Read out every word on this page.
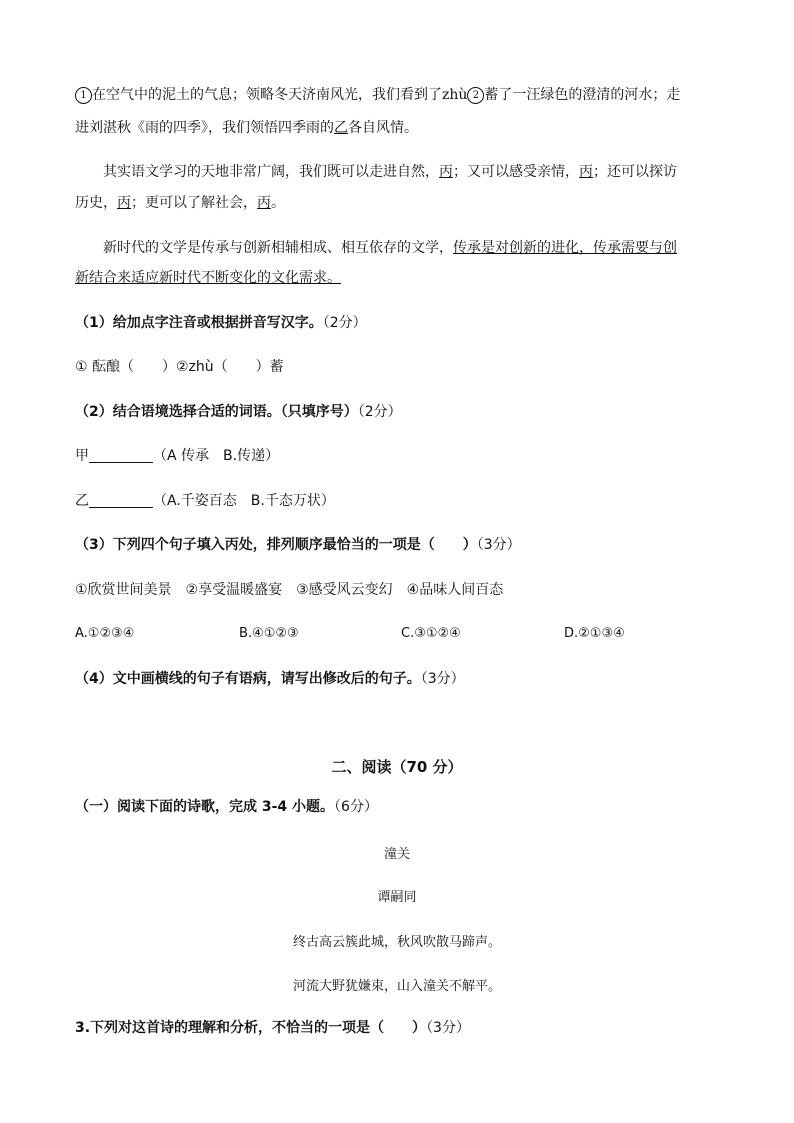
1 在空气中的泥土的气息；领略冬天济南风光，我们看到了zhù 2 蓄了一汪绿色的澄清的河水；走
进刘湛秋《雨的四季》，我们领悟四季雨的乙各自风情。
其实语文学习的天地非常广阔，我们既可以走进自然，丙；又可以感受亲情，丙；还可以探访
历史，丙；更可以了解社会，丙。
新时代的文学是传承与创新相辅相成、相互依存的文学，传承是对创新的进化，传承需要与创
新结合来适应新时代不断变化的文化需求。
（1）给加点字注音或根据拼音写汉字。（2分）
① 酝酿（　　）②zhù（　　）蓄
（2）结合语境选择合适的词语。（只填序号）（2分）
甲	（A 传承　B.传递）
乙	（A.千姿百态　B.千态万状）
（3）下列四个句子填入丙处，排列顺序最恰当的一项是（　　）（3分）
①欣赏世间美景　②享受温暖盛宴　③感受风云变幻　④品味人间百态
A.①②③④	B.④①②③	C.③①②④	D.②①③④
（4）文中画横线的句子有语病，请写出修改后的句子。（3分）
二、阅读（70 分）
（一）阅读下面的诗歌，完成 3-4 小题。（6分）
潼关
谭嗣同
终古高云簇此城，秋风吹散马蹄声。
河流大野犹嫌束，山入潼关不解平。
3.下列对这首诗的理解和分析，不恰当的一项是（　　）（3分）
